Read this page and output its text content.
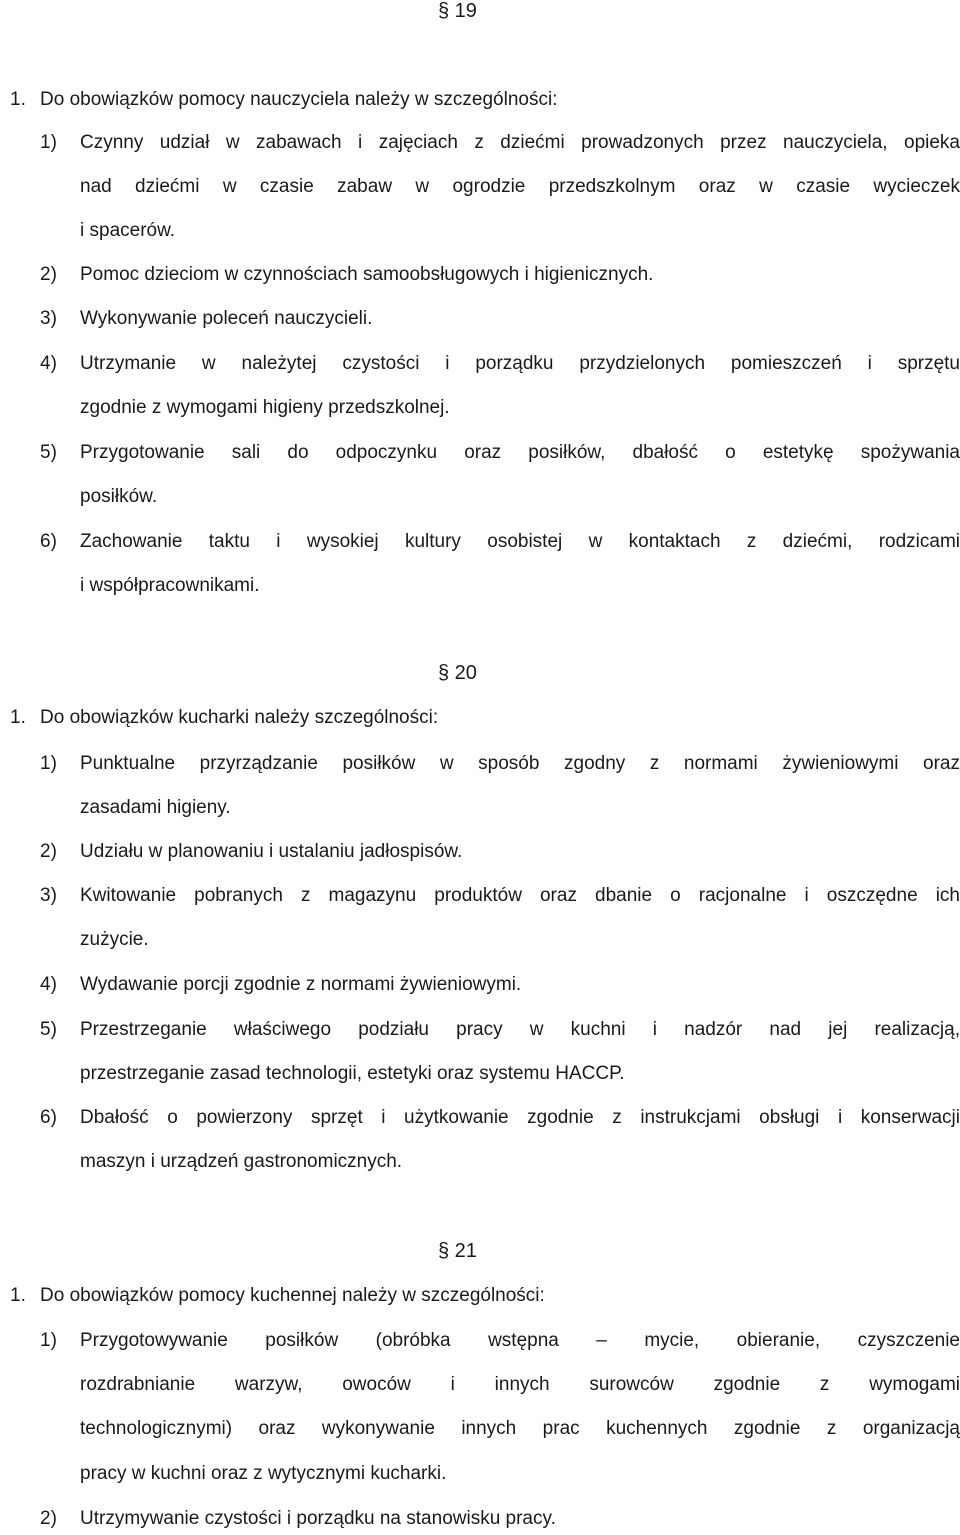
§ 19
1. Do obowiązków pomocy nauczyciela należy w szczególności:
1) Czynny udział w zabawach i zajęciach z dziećmi prowadzonych przez nauczyciela, opieka
nad dziećmi w czasie zabaw w ogrodzie przedszkolnym oraz w czasie wycieczek
i spacerów.
2) Pomoc dzieciom w czynnościach samoobsługowych i higienicznych.
3) Wykonywanie poleceń nauczycieli.
4) Utrzymanie w należytej czystości i porządku przydzielonych pomieszczeń i sprzętu
zgodnie z wymogami higieny przedszkolnej.
5) Przygotowanie sali do odpoczynku oraz posiłków, dbałość o estetykę spożywania
posiłków.
6) Zachowanie taktu i wysokiej kultury osobistej w kontaktach z dziećmi, rodzicami
i współpracownikami.
§ 20
1. Do obowiązków kucharki należy szczególności:
1) Punktualne przyrządzanie posiłków w sposób zgodny z normami żywieniowymi oraz
zasadami higieny.
2) Udziału w planowaniu i ustalaniu jadłospisów.
3) Kwitowanie pobranych z magazynu produktów oraz dbanie o racjonalne i oszczędne ich
zużycie.
4) Wydawanie porcji zgodnie z normami żywieniowymi.
5) Przestrzeganie właściwego podziału pracy w kuchni i nadzór nad jej realizacją,
przestrzeganie zasad technologii, estetyki oraz systemu HACCP.
6) Dbałość o powierzony sprzęt i użytkowanie zgodnie z instrukcjami obsługi i konserwacji
maszyn i urządzeń gastronomicznych.
§ 21
1. Do obowiązków pomocy kuchennej należy w szczególności:
1) Przygotowywanie posiłków (obróbka wstępna – mycie, obieranie, czyszczenie
rozdrabnianie warzyw, owoców i innych surowców zgodnie z wymogami
technologicznymi) oraz wykonywanie innych prac kuchennych zgodnie z organizacją
pracy w kuchni oraz z wytycznymi kucharki.
2) Utrzymywanie czystości i porządku na stanowisku pracy.
